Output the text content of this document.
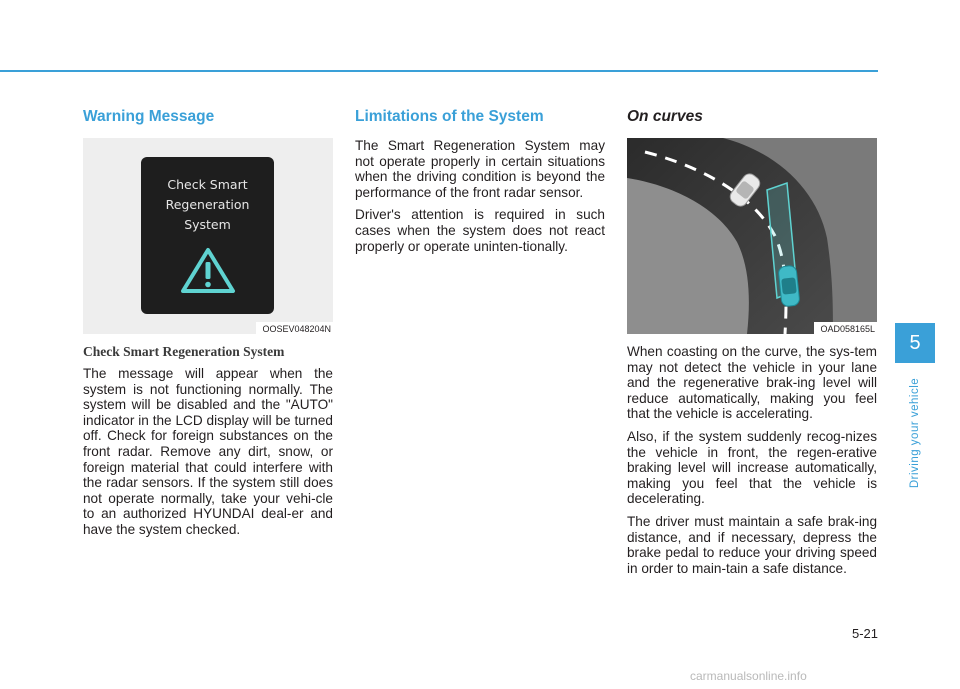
Warning Message
Check Smart
Regeneration
System
OOSEV048204N
Check Smart Regeneration System

The message will appear when the system is not functioning normally. The system will be disabled and the "AUTO" indicator in the LCD display will be turned off. Check for foreign substances on the front radar. Remove any dirt, snow, or foreign material that could interfere with the radar sensors. If the system still does not operate normally, take your vehi-cle to an authorized HYUNDAI deal-er and have the system checked.

Limitations of the System

The Smart Regeneration System may not operate properly in certain situations when the driving condition is beyond the performance of the front radar sensor.

Driver's attention is required in such cases when the system does not react properly or operate uninten-tionally.

On curves
OAD058165L

When coasting on the curve, the sys-tem may not detect the vehicle in your lane and the regenerative brak-ing level will reduce automatically, making you feel that the vehicle is accelerating.

Also, if the system suddenly recog-nizes the vehicle in front, the regen-erative braking level will increase automatically, making you feel that the vehicle is decelerating.

The driver must maintain a safe brak-ing distance, and if necessary, depress the brake pedal to reduce your driving speed in order to main-tain a safe distance.

5
Driving your vehicle
5-21
carmanualsonline.info
